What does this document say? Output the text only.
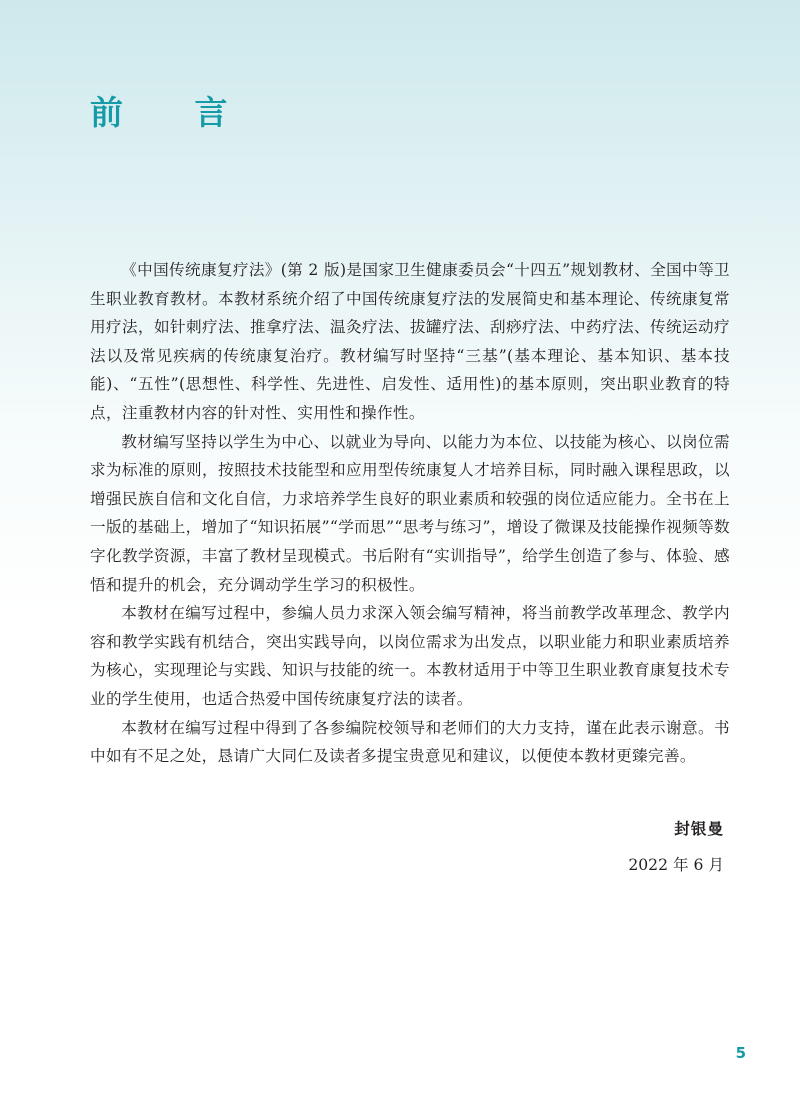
前 言

《中国传统康复疗法》(第 2 版)是国家卫生健康委员会“十四五”规划教材、全国中等卫生职业教育教材。本教材系统介绍了中国传统康复疗法的发展简史和基本理论、传统康复常用疗法，如针刺疗法、推拿疗法、温灸疗法、拔罐疗法、刮痧疗法、中药疗法、传统运动疗法以及常见疾病的传统康复治疗。教材编写时坚持“三基”(基本理论、基本知识、基本技能)、“五性”(思想性、科学性、先进性、启发性、适用性)的基本原则，突出职业教育的特点，注重教材内容的针对性、实用性和操作性。

教材编写坚持以学生为中心、以就业为导向、以能力为本位、以技能为核心、以岗位需求为标准的原则，按照技术技能型和应用型传统康复人才培养目标，同时融入课程思政，以增强民族自信和文化自信，力求培养学生良好的职业素质和较强的岗位适应能力。全书在上一版的基础上，增加了“知识拓展”“学而思”“思考与练习”，增设了微课及技能操作视频等数字化教学资源，丰富了教材呈现模式。书后附有“实训指导”，给学生创造了参与、体验、感悟和提升的机会，充分调动学生学习的积极性。

本教材在编写过程中，参编人员力求深入领会编写精神，将当前教学改革理念、教学内容和教学实践有机结合，突出实践导向，以岗位需求为出发点，以职业能力和职业素质培养为核心，实现理论与实践、知识与技能的统一。本教材适用于中等卫生职业教育康复技术专业的学生使用，也适合热爱中国传统康复疗法的读者。

本教材在编写过程中得到了各参编院校领导和老师们的大力支持，谨在此表示谢意。书中如有不足之处，恳请广大同仁及读者多提宝贵意见和建议，以便使本教材更臻完善。

封银曼
2022 年 6 月
5
